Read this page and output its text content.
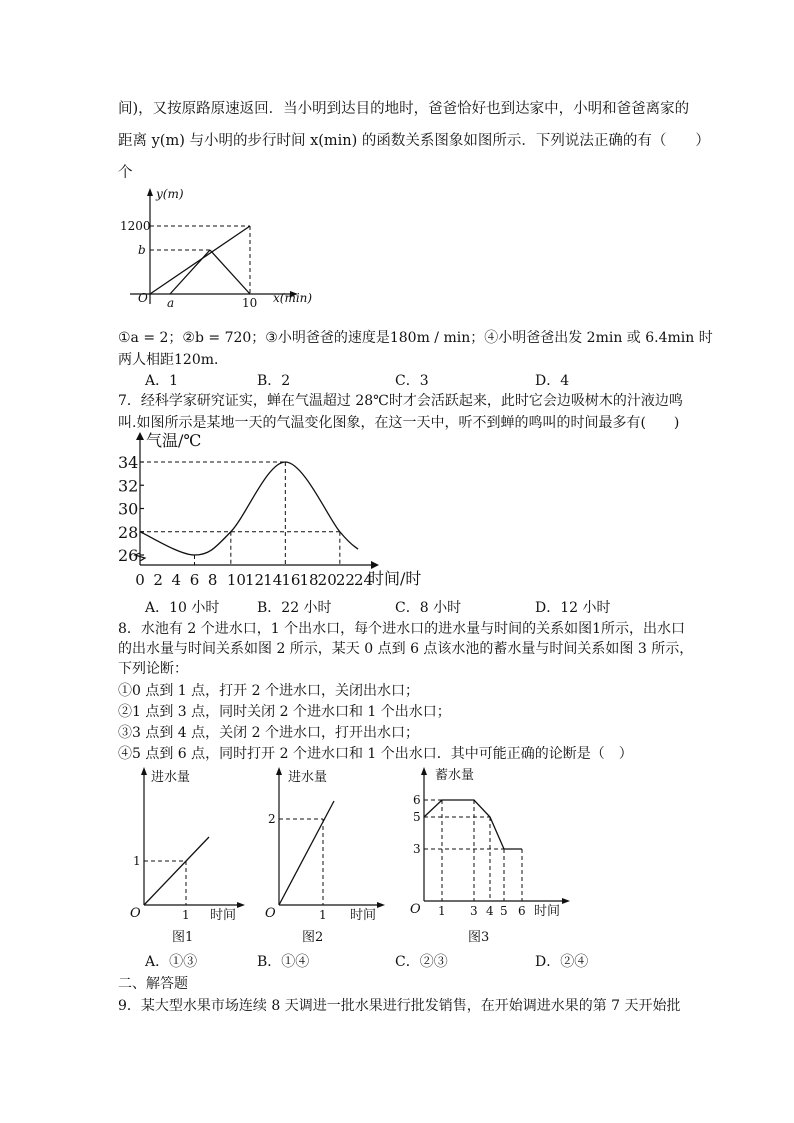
间)，又按原路原速返回．当小明到达目的地时，爸爸恰好也到达家中，小明和爸爸离家的
距离 y(m) 与小明的步行时间 x(min) 的函数关系图象如图所示．下列说法正确的有（　　）
个
y(m)
x(min)
O
1200
b
a	10
①a = 2；②b = 720；③小明爸爸的速度是180m / min；④小明爸爸出发 2min 或 6.4min 时
两人相距120m．
A．1	B．2	C．3	D．4
7．经科学家研究证实，蝉在气温超过 28℃时才会活跃起来，此时它会边吸树木的汁液边鸣
叫.如图所示是某地一天的气温变化图象，在这一天中，听不到蝉的鸣叫的时间最多有(　　)
气温/℃
时间/时
26
28
30
32
34
0 2 4 6 8 10 12 14 16 18 20 22 24
A．10 小时	B．22 小时	C．8 小时	D．12 小时
8．水池有 2 个进水口，1 个出水口，每个进水口的进水量与时间的关系如图1所示，出水口
的出水量与时间关系如图 2 所示，某天 0 点到 6 点该水池的蓄水量与时间关系如图 3 所示，
下列论断：
①0 点到 1 点，打开 2 个进水口，关闭出水口；
②1 点到 3 点，同时关闭 2 个进水口和 1 个出水口；
③3 点到 4 点，关闭 2 个进水口，打开出水口；
④5 点到 6 点，同时打开 2 个进水口和 1 个出水口．其中可能正确的论断是（　）
进水量
时间
O
1
1
图1
进水量
时间
O
2
1
图2
蓄水量
时间
O
6
5
3
1 3 4 5 6
图3
A．①③	B．①④	C．②③	D．②④
二、解答题
9．某大型水果市场连续 8 天调进一批水果进行批发销售，在开始调进水果的第 7 天开始批
